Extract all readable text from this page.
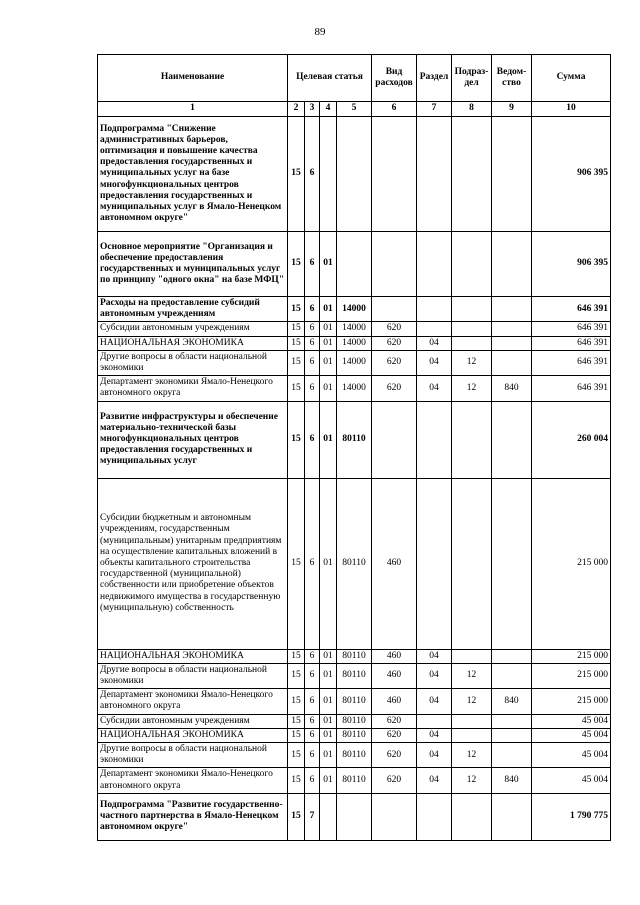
89
Наименование	Целевая статья				Вид расходов	Раздел	Подраз-дел	Ведом-ство	Сумма
1	2	3	4	5	6	7	8	9	10
Подпрограмма "Снижение административных барьеров, оптимизация и повышение качества предоставления государственных и муниципальных услуг на базе многофункциональных центров предоставления государственных и муниципальных услуг в Ямало-Ненецком автономном округе"	15	6							906 395
Основное мероприятие "Организация и обеспечение предоставления государственных и муниципальных услуг по принципу "одного окна" на базе МФЦ"	15	6	01						906 395
Расходы на предоставление субсидий автономным учреждениям	15	6	01	14000					646 391
Субсидии автономным учреждениям	15	6	01	14000	620				646 391
НАЦИОНАЛЬНАЯ ЭКОНОМИКА	15	6	01	14000	620	04			646 391
Другие вопросы в области национальной экономики	15	6	01	14000	620	04	12		646 391
Департамент экономики Ямало-Ненецкого автономного округа	15	6	01	14000	620	04	12	840	646 391
Развитие инфраструктуры и обеспечение материально-технической базы многофункциональных центров предоставления государственных и муниципальных услуг	15	6	01	80110					260 004
Субсидии бюджетным и автономным учреждениям, государственным (муниципальным) унитарным предприятиям на осуществление капитальных вложений в объекты капитального строительства государственной (муниципальной) собственности или приобретение объектов недвижимого имущества в государственную (муниципальную) собственность	15	6	01	80110	460				215 000
НАЦИОНАЛЬНАЯ ЭКОНОМИКА	15	6	01	80110	460	04			215 000
Другие вопросы в области национальной экономики	15	6	01	80110	460	04	12		215 000
Департамент экономики Ямало-Ненецкого автономного округа	15	6	01	80110	460	04	12	840	215 000
Субсидии автономным учреждениям	15	6	01	80110	620				45 004
НАЦИОНАЛЬНАЯ ЭКОНОМИКА	15	6	01	80110	620	04			45 004
Другие вопросы в области национальной экономики	15	6	01	80110	620	04	12		45 004
Департамент экономики Ямало-Ненецкого автономного округа	15	6	01	80110	620	04	12	840	45 004
Подпрограмма "Развитие государственно-частного партнерства в Ямало-Ненецком автономном округе"	15	7							1 790 775
